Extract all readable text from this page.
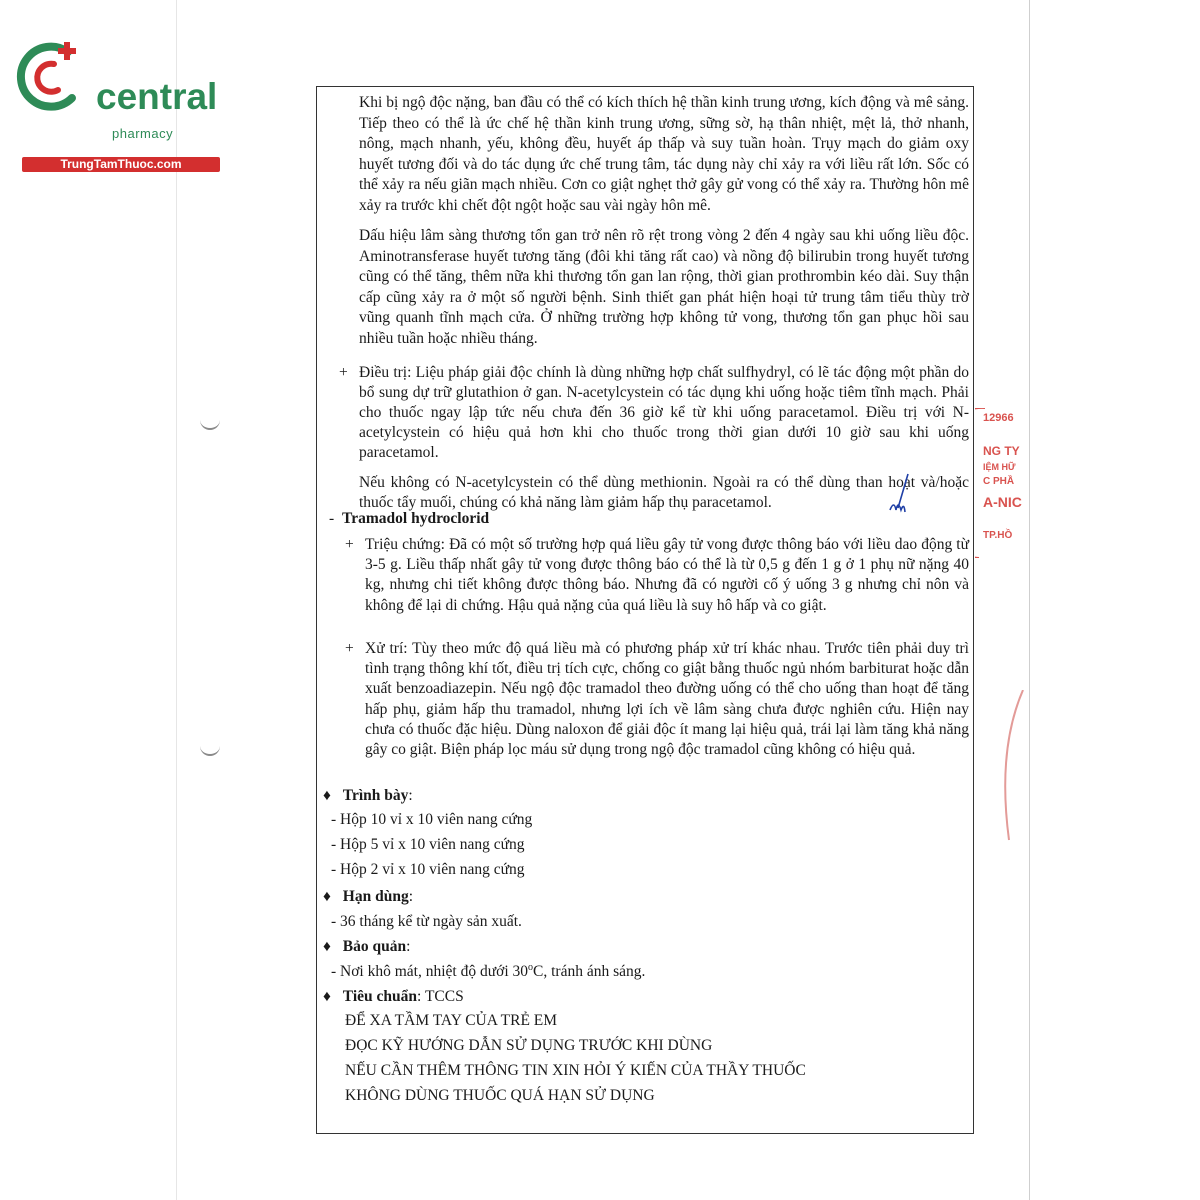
central
pharmacy
TrungTamThuoc.com

Khi bị ngộ độc nặng, ban đầu có thể có kích thích hệ thần kinh trung ương, kích động và mê sảng. Tiếp theo có thể là ức chế hệ thần kinh trung ương, sững sờ, hạ thân nhiệt, mệt lả, thở nhanh, nông, mạch nhanh, yếu, không đều, huyết áp thấp và suy tuần hoàn. Trụy mạch do giảm oxy huyết tương đối và do tác dụng ức chế trung tâm, tác dụng này chỉ xảy ra với liều rất lớn. Sốc có thể xảy ra nếu giãn mạch nhiều. Cơn co giật nghẹt thở gây gử vong có thể xảy ra. Thường hôn mê xảy ra trước khi chết đột ngột hoặc sau vài ngày hôn mê.

Dấu hiệu lâm sàng thương tổn gan trở nên rõ rệt trong vòng 2 đến 4 ngày sau khi uống liều độc. Aminotransferase huyết tương tăng (đôi khi tăng rất cao) và nồng độ bilirubin trong huyết tương cũng có thể tăng, thêm nữa khi thương tổn gan lan rộng, thời gian prothrombin kéo dài. Suy thận cấp cũng xảy ra ở một số người bệnh. Sinh thiết gan phát hiện hoại tử trung tâm tiểu thùy trờ vũng quanh tĩnh mạch cửa. Ở những trường hợp không tử vong, thương tổn gan phục hồi sau nhiều tuần hoặc nhiều tháng.

+ Điều trị: Liệu pháp giải độc chính là dùng những hợp chất sulfhydryl, có lẽ tác động một phần do bổ sung dự trữ glutathion ở gan. N-acetylcystein có tác dụng khi uống hoặc tiêm tĩnh mạch. Phải cho thuốc ngay lập tức nếu chưa đến 36 giờ kể từ khi uống paracetamol. Điều trị với N-acetylcystein có hiệu quả hơn khi cho thuốc trong thời gian dưới 10 giờ sau khi uống paracetamol.

Nếu không có N-acetylcystein có thể dùng methionin. Ngoài ra có thể dùng than hoạt và/hoặc thuốc tẩy muối, chúng có khả năng làm giảm hấp thụ paracetamol.

- Tramadol hydroclorid
+ Triệu chứng: Đã có một số trường hợp quá liều gây tử vong được thông báo với liều dao động từ 3-5 g. Liều thấp nhất gây tử vong được thông báo có thể là từ 0,5 g đến 1 g ở 1 phụ nữ nặng 40 kg, nhưng chi tiết không được thông báo. Nhưng đã có người cố ý uống 3 g nhưng chỉ nôn và không để lại di chứng. Hậu quả nặng của quá liều là suy hô hấp và co giật.

+ Xử trí: Tùy theo mức độ quá liều mà có phương pháp xử trí khác nhau. Trước tiên phải duy trì tình trạng thông khí tốt, điều trị tích cực, chống co giật bằng thuốc ngủ nhóm barbiturat hoặc dẫn xuất benzoadiazepin. Nếu ngộ độc tramadol theo đường uống có thể cho uống than hoạt để tăng hấp phụ, giảm hấp thu tramadol, nhưng lợi ích về lâm sàng chưa được nghiên cứu. Hiện nay chưa có thuốc đặc hiệu. Dùng naloxon để giải độc ít mang lại hiệu quả, trái lại làm tăng khả năng gây co giật. Biện pháp lọc máu sử dụng trong ngộ độc tramadol cũng không có hiệu quả.

♦ Trình bày:
- Hộp 10 vỉ x 10 viên nang cứng
- Hộp 5 vỉ x 10 viên nang cứng
- Hộp 2 vỉ x 10 viên nang cứng
♦ Hạn dùng:
- 36 tháng kể từ ngày sản xuất.
♦ Bảo quản:
- Nơi khô mát, nhiệt độ dưới 30$^o$C, tránh ánh sáng.
♦ Tiêu chuẩn: TCCS
ĐỂ XA TẦM TAY CỦA TRẺ EM
ĐỌC KỸ HƯỚNG DẪN SỬ DỤNG TRƯỚC KHI DÙNG
NẾU CẦN THÊM THÔNG TIN XIN HỎI Ý KIẾN CỦA THẦY THUỐC
KHÔNG DÙNG THUỐC QUÁ HẠN SỬ DỤNG
12966
NG TY
IỆM HỮ
C PHẦ
A-NIC
TP.HỒ
